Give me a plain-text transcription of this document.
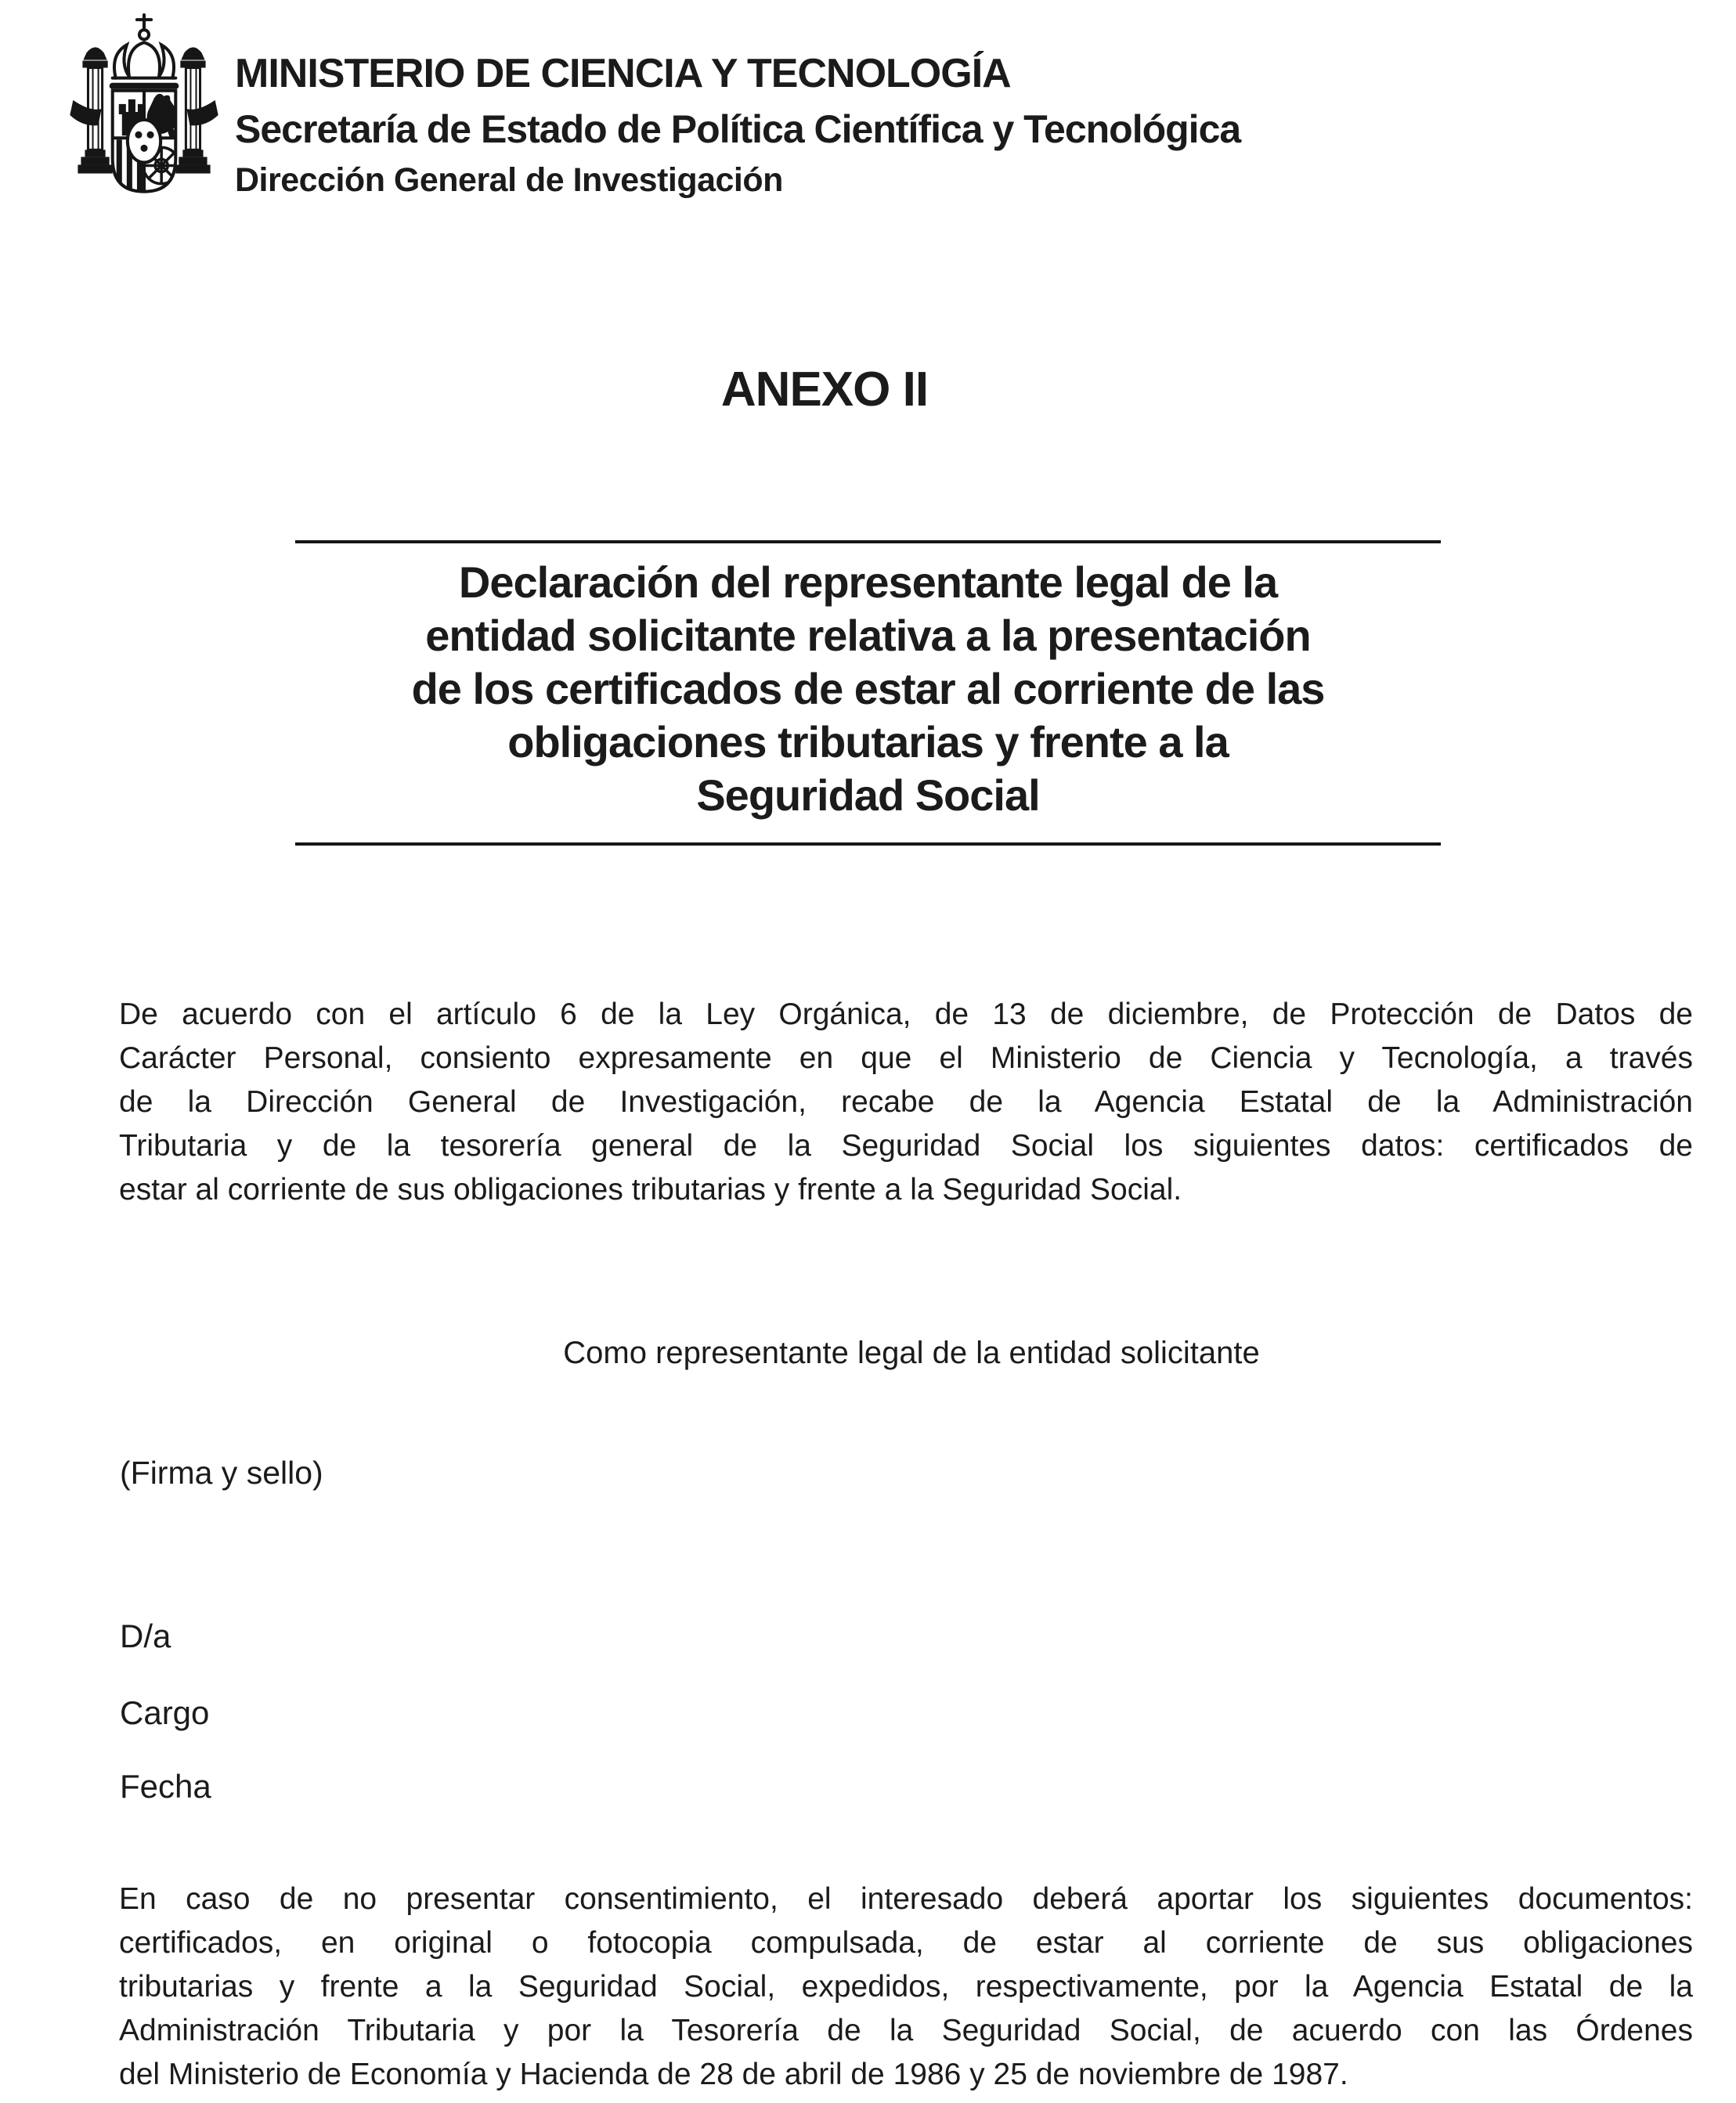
MINISTERIO DE CIENCIA Y TECNOLOGÍA
Secretaría de Estado de Política Científica y Tecnológica
Dirección General de Investigación
ANEXO II
Declaración del representante legal de la
entidad solicitante relativa a la presentación
de los certificados de estar al corriente de las
obligaciones tributarias y frente a la
Seguridad Social
De acuerdo con el artículo 6 de la Ley Orgánica, de 13 de diciembre, de Protección de Datos de
Carácter Personal, consiento expresamente en que el Ministerio de Ciencia y Tecnología, a través
de la Dirección General de Investigación, recabe de la Agencia Estatal de la Administración
Tributaria y de la tesorería general de la Seguridad Social los siguientes datos: certificados de
estar al corriente de sus obligaciones tributarias y frente a la Seguridad Social.
Como representante legal de la entidad solicitante
(Firma y sello)
D/a
Cargo
Fecha
En caso de no presentar consentimiento, el interesado deberá aportar los siguientes documentos:
certificados, en original o fotocopia compulsada, de estar al corriente de sus obligaciones
tributarias y frente a la Seguridad Social, expedidos, respectivamente, por la Agencia Estatal de la
Administración Tributaria y por la Tesorería de la Seguridad Social, de acuerdo con las Órdenes
del Ministerio de Economía y Hacienda de 28 de abril de 1986 y 25 de noviembre de 1987.
